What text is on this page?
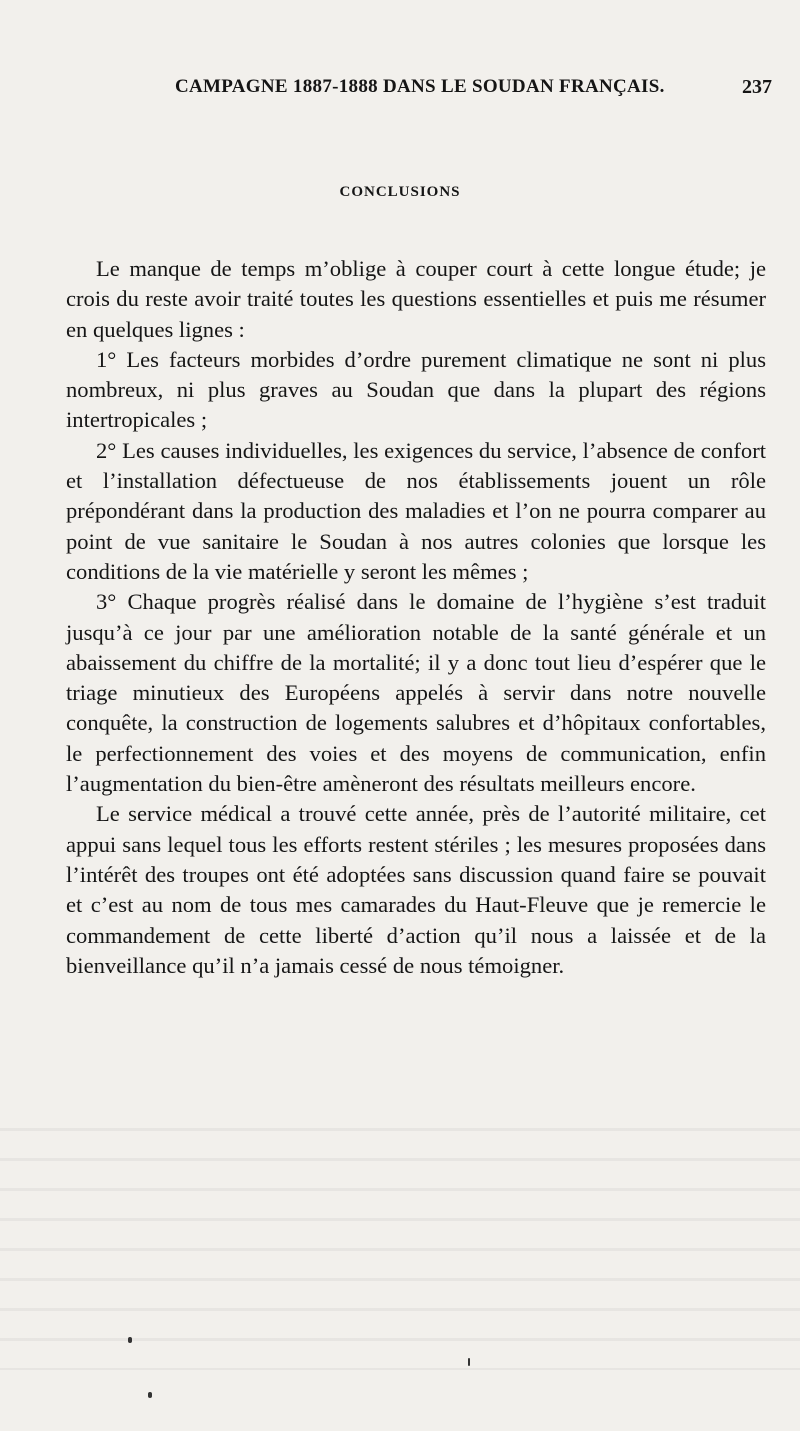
CAMPAGNE 1887-1888 DANS LE SOUDAN FRANÇAIS.	237
CONCLUSIONS

Le manque de temps m’oblige à couper court à cette longue étude; je crois du reste avoir traité toutes les questions essentielles et puis me résumer en quelques lignes :

1° Les facteurs morbides d’ordre purement climatique ne sont ni plus nombreux, ni plus graves au Soudan que dans la plupart des régions intertropicales ;

2° Les causes individuelles, les exigences du service, l’absence de confort et l’installation défectueuse de nos établissements jouent un rôle prépondérant dans la production des maladies et l’on ne pourra comparer au point de vue sanitaire le Soudan à nos autres colonies que lorsque les conditions de la vie matérielle y seront les mêmes ;

3° Chaque progrès réalisé dans le domaine de l’hygiène s’est traduit jusqu’à ce jour par une amélioration notable de la santé générale et un abaissement du chiffre de la mortalité; il y a donc tout lieu d’espérer que le triage minutieux des Européens appelés à servir dans notre nouvelle conquête, la construction de logements salubres et d’hôpitaux confortables, le perfectionnement des voies et des moyens de communication, enfin l’augmentation du bien-être amèneront des résultats meilleurs encore.

Le service médical a trouvé cette année, près de l’autorité militaire, cet appui sans lequel tous les efforts restent stériles ; les mesures proposées dans l’intérêt des troupes ont été adoptées sans discussion quand faire se pouvait et c’est au nom de tous mes camarades du Haut-Fleuve que je remercie le commandement de cette liberté d’action qu’il nous a laissée et de la bienveillance qu’il n’a jamais cessé de nous témoigner.
